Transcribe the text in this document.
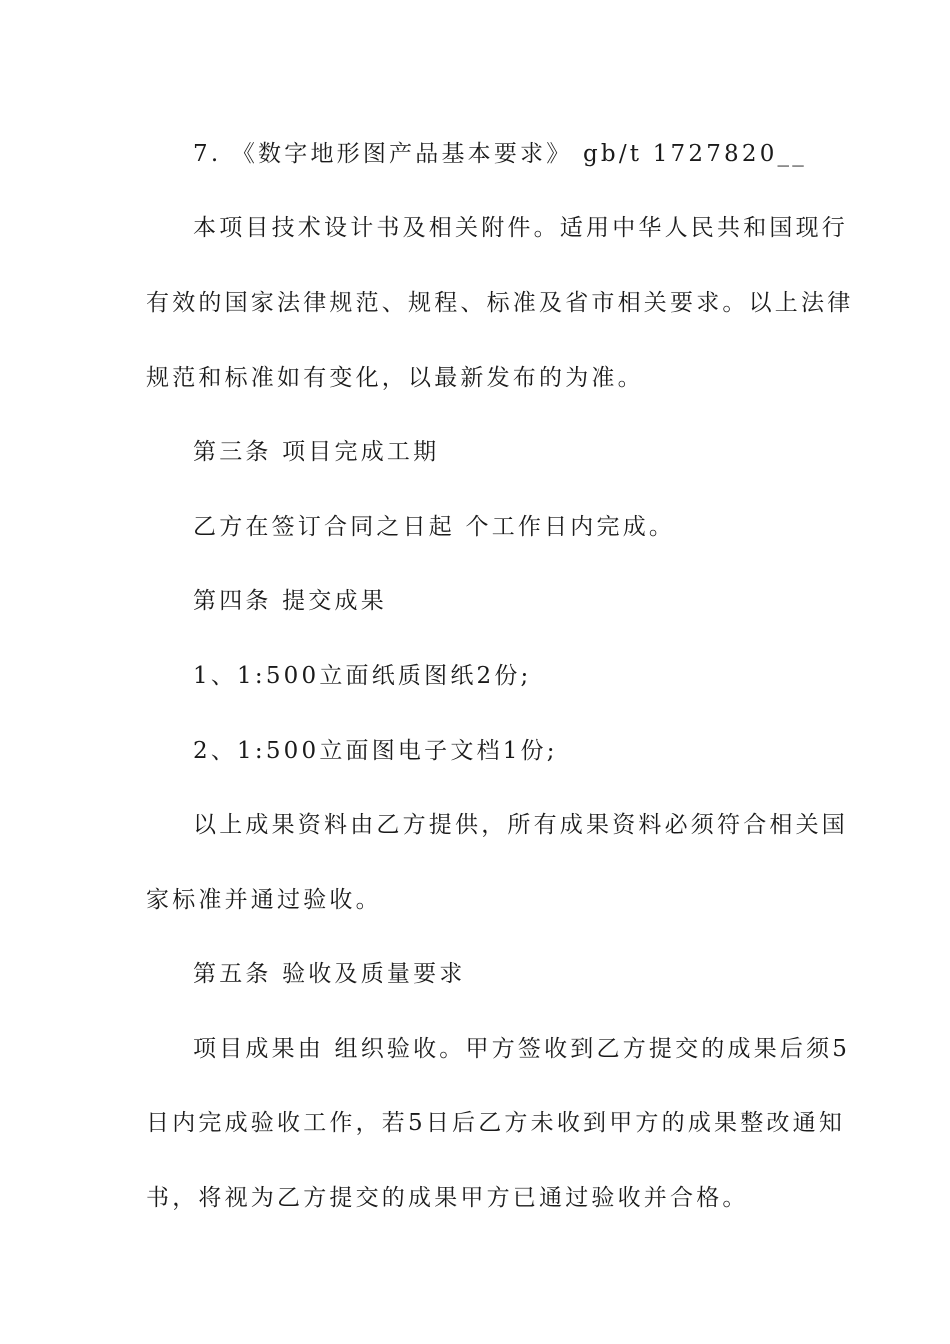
7. 《数字地形图产品基本要求》 gb/t 1727820__

本项目技术设计书及相关附件。适用中华人民共和国现行

有效的国家法律规范、规程、标准及省市相关要求。以上法律

规范和标准如有变化，以最新发布的为准。

第三条 项目完成工期

乙方在签订合同之日起 个工作日内完成。

第四条 提交成果

1、1:500立面纸质图纸2份;

2、1:500立面图电子文档1份;

以上成果资料由乙方提供，所有成果资料必须符合相关国

家标准并通过验收。

第五条 验收及质量要求

项目成果由 组织验收。甲方签收到乙方提交的成果后须5

日内完成验收工作，若5日后乙方未收到甲方的成果整改通知

书，将视为乙方提交的成果甲方已通过验收并合格。
